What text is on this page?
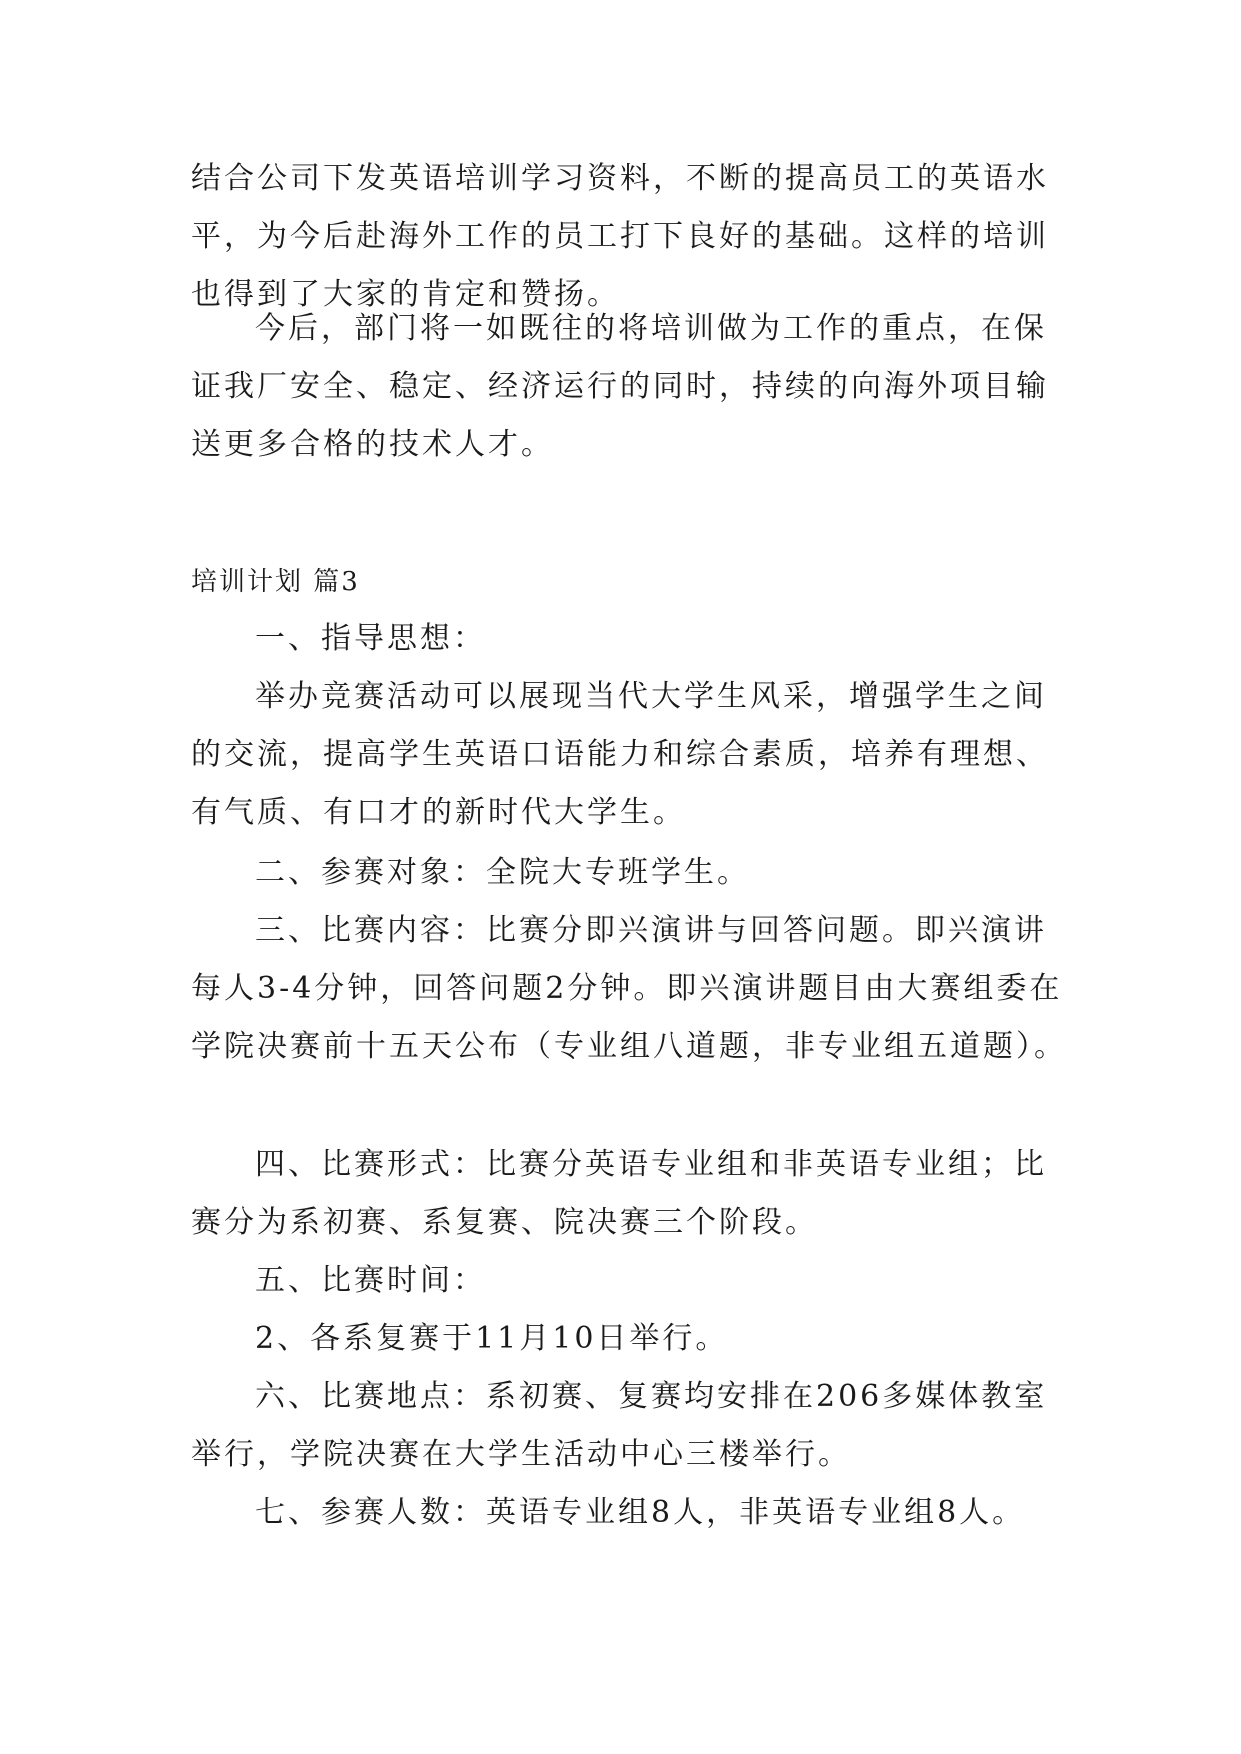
结合公司下发英语培训学习资料，不断的提高员工的英语水平，为今后赴海外工作的员工打下良好的基础。这样的培训也得到了大家的肯定和赞扬。

今后，部门将一如既往的将培训做为工作的重点，在保证我厂安全、稳定、经济运行的同时，持续的向海外项目输送更多合格的技术人才。

培训计划 篇3

一、指导思想：

举办竞赛活动可以展现当代大学生风采，增强学生之间的交流，提高学生英语口语能力和综合素质，培养有理想、有气质、有口才的新时代大学生。

二、参赛对象：全院大专班学生。

三、比赛内容：比赛分即兴演讲与回答问题。即兴演讲每人3-4分钟，回答问题2分钟。即兴演讲题目由大赛组委在学院决赛前十五天公布（专业组八道题，非专业组五道题）。

四、比赛形式：比赛分英语专业组和非英语专业组；比赛分为系初赛、系复赛、院决赛三个阶段。

五、比赛时间：

2、各系复赛于11月10日举行。

六、比赛地点：系初赛、复赛均安排在206多媒体教室举行，学院决赛在大学生活动中心三楼举行。

七、参赛人数：英语专业组8人，非英语专业组8人。
